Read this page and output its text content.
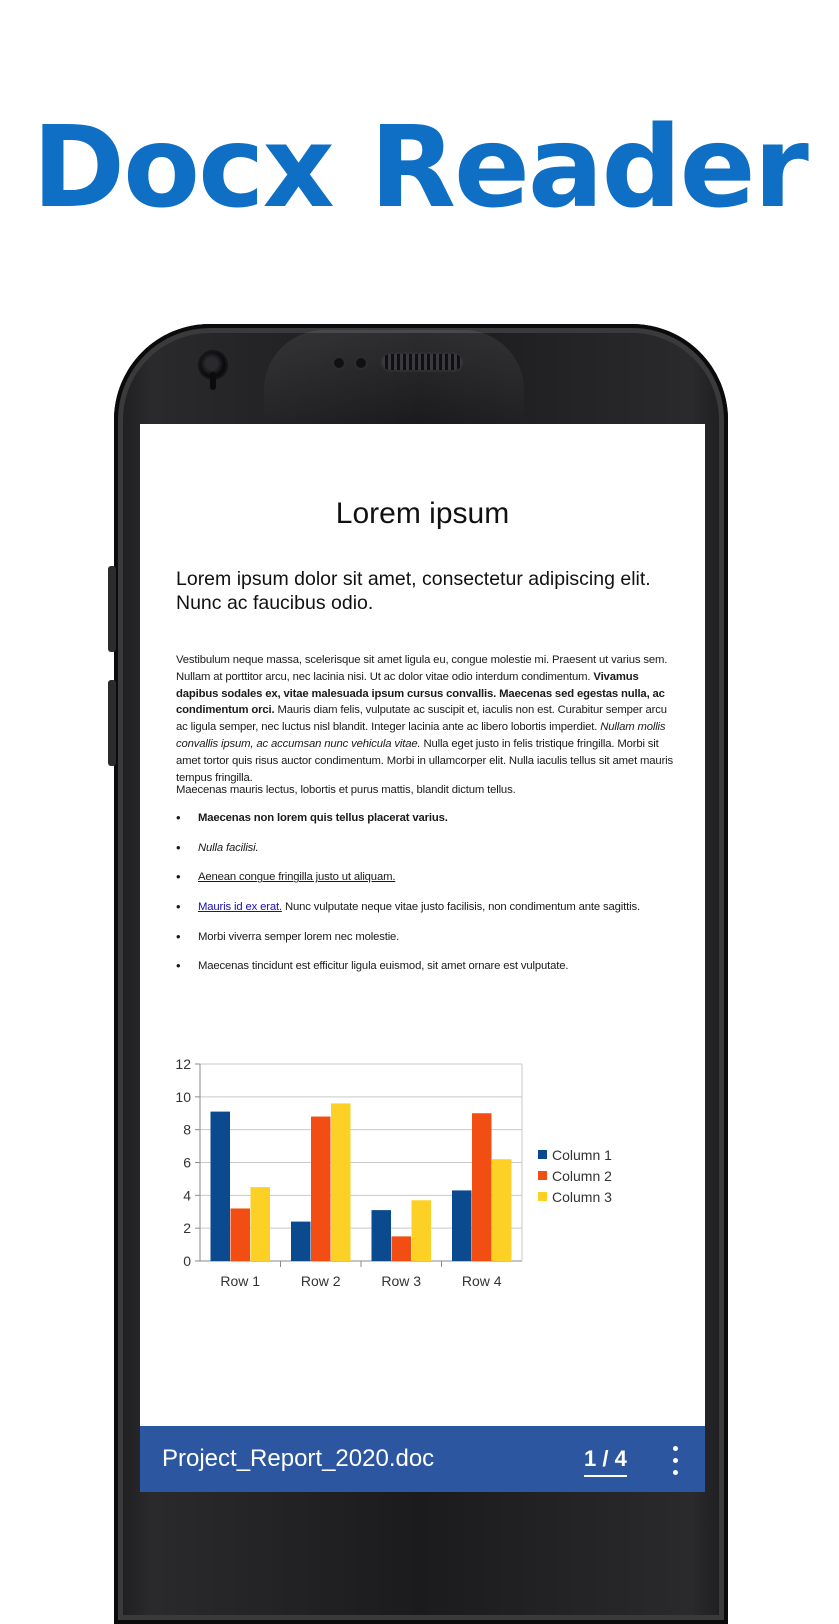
Docx Reader
Lorem ipsum
Lorem ipsum dolor sit amet, consectetur adipiscing elit. Nunc ac faucibus odio.
Vestibulum neque massa, scelerisque sit amet ligula eu, congue molestie mi. Praesent ut varius sem. Nullam at porttitor arcu, nec lacinia nisi. Ut ac dolor vitae odio interdum condimentum. Vivamus dapibus sodales ex, vitae malesuada ipsum cursus convallis. Maecenas sed egestas nulla, ac condimentum orci. Mauris diam felis, vulputate ac suscipit et, iaculis non est. Curabitur semper arcu ac ligula semper, nec luctus nisl blandit. Integer lacinia ante ac libero lobortis imperdiet. Nullam mollis convallis ipsum, ac accumsan nunc vehicula vitae. Nulla eget justo in felis tristique fringilla. Morbi sit amet tortor quis risus auctor condimentum. Morbi in ullamcorper elit. Nulla iaculis tellus sit amet mauris tempus fringilla.
Maecenas mauris lectus, lobortis et purus mattis, blandit dictum tellus.
• Maecenas non lorem quis tellus placerat varius.
• Nulla facilisi.
• Aenean congue fringilla justo ut aliquam.
• Mauris id ex erat. Nunc vulputate neque vitae justo facilisis, non condimentum ante sagittis.
• Morbi viverra semper lorem nec molestie.
• Maecenas tincidunt est efficitur ligula euismod, sit amet ornare est vulputate.
0
2
4
6
8
10
12
Row 1	Row 2	Row 3	Row 4
Column 1
Column 2
Column 3
Project_Report_2020.doc	1 / 4
